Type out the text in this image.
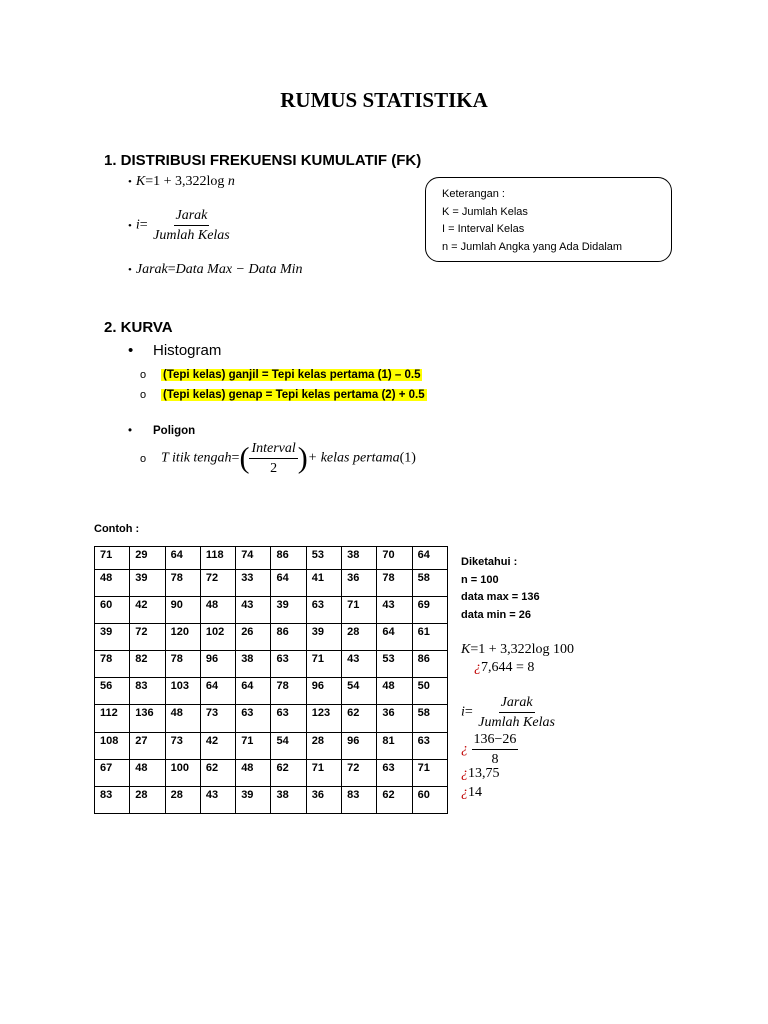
RUMUS STATISTIKA
1. DISTRIBUSI FREKUENSI KUMULATIF (FK)
• K=1 + 3,322log n
• $i= \frac{\text{Jarak}}{\text{Jumlah Kelas}}$
• Jarak=Data Max − Data Min
Keterangan :
K = Jumlah Kelas
I = Interval Kelas
n = Jumlah Angka yang Ada Didalam
2. KURVA
• Histogram
o (Tepi kelas) ganjil = Tepi kelas pertama (1) – 0.5
o (Tepi kelas) genap = Tepi kelas pertama (2) + 0.5
• Poligon
o T itik tengah=( $\frac{\text{Interval}}{2}$ )+ kelas pertama(1)
Contoh :
71	29	64	118	74	86	53	38	70	64
48	39	78	72	33	64	41	36	78	58
60	42	90	48	43	39	63	71	43	69
39	72	120	102	26	86	39	28	64	61
78	82	78	96	38	63	71	43	53	86
56	83	103	64	64	78	96	54	48	50
112	136	48	73	63	63	123	62	36	58
108	27	73	42	71	54	28	96	81	63
67	48	100	62	48	62	71	72	63	71
83	28	28	43	39	38	36	83	62	60
Diketahui :
n = 100
data max = 136
data min = 26
K=1 + 3,322log 100
¿7,644 = 8
$i= \frac{\text{Jarak}}{\text{Jumlah Kelas}}$
¿ $\frac{136-26}{8}$
¿13,75
¿14
